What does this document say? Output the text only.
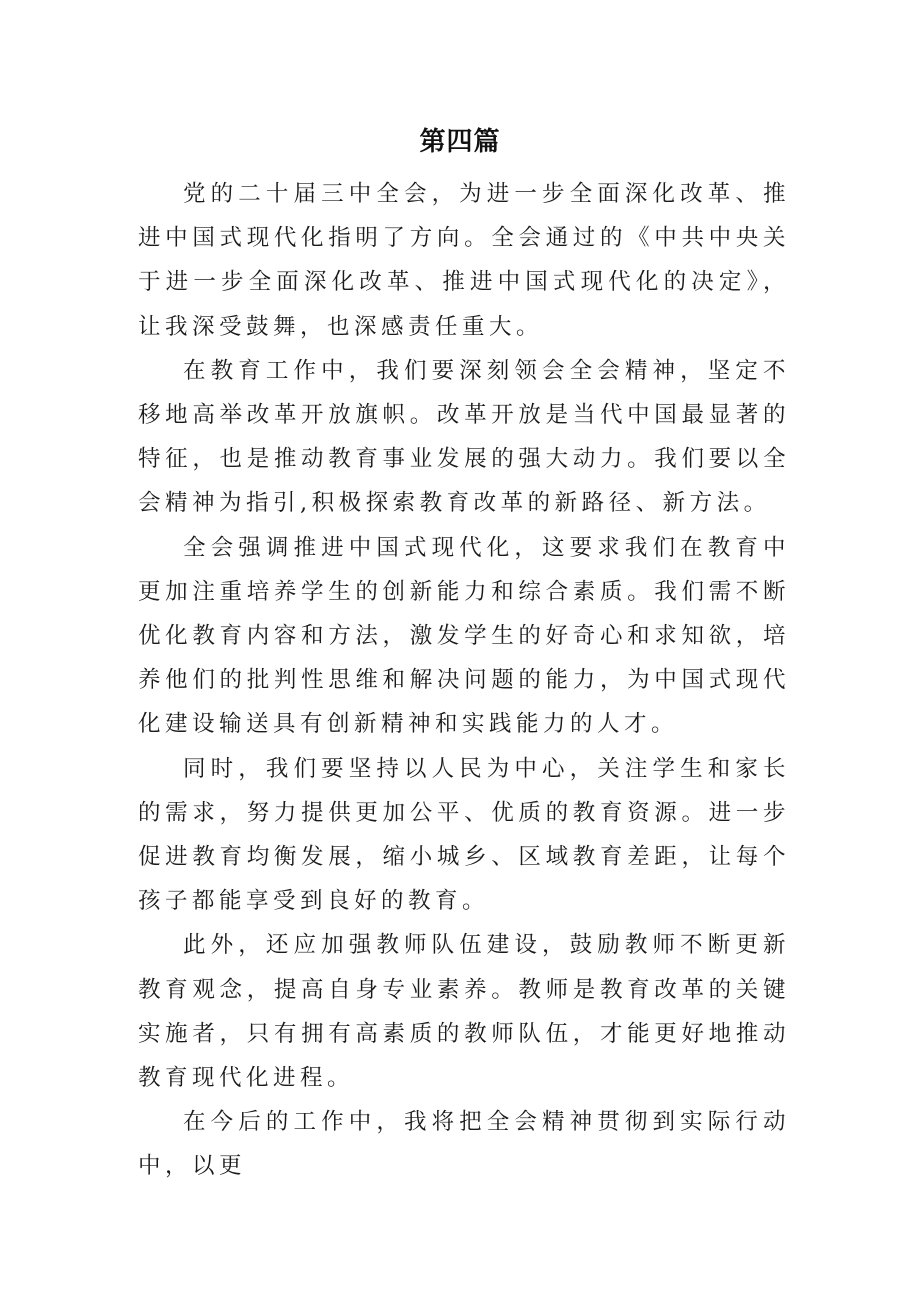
第四篇

党的二十届三中全会，为进一步全面深化改革、推进中国式现代化指明了方向。全会通过的《中共中央关于进一步全面深化改革、推进中国式现代化的决定》，让我深受鼓舞，也深感责任重大。

在教育工作中，我们要深刻领会全会精神，坚定不移地高举改革开放旗帜。改革开放是当代中国最显著的特征，也是推动教育事业发展的强大动力。我们要以全会精神为指引,积极探索教育改革的新路径、新方法。

全会强调推进中国式现代化，这要求我们在教育中更加注重培养学生的创新能力和综合素质。我们需不断优化教育内容和方法，激发学生的好奇心和求知欲，培养他们的批判性思维和解决问题的能力，为中国式现代化建设输送具有创新精神和实践能力的人才。

同时，我们要坚持以人民为中心，关注学生和家长的需求，努力提供更加公平、优质的教育资源。进一步促进教育均衡发展，缩小城乡、区域教育差距，让每个孩子都能享受到良好的教育。

此外，还应加强教师队伍建设，鼓励教师不断更新教育观念，提高自身专业素养。教师是教育改革的关键实施者，只有拥有高素质的教师队伍，才能更好地推动教育现代化进程。

在今后的工作中，我将把全会精神贯彻到实际行动中，以更
